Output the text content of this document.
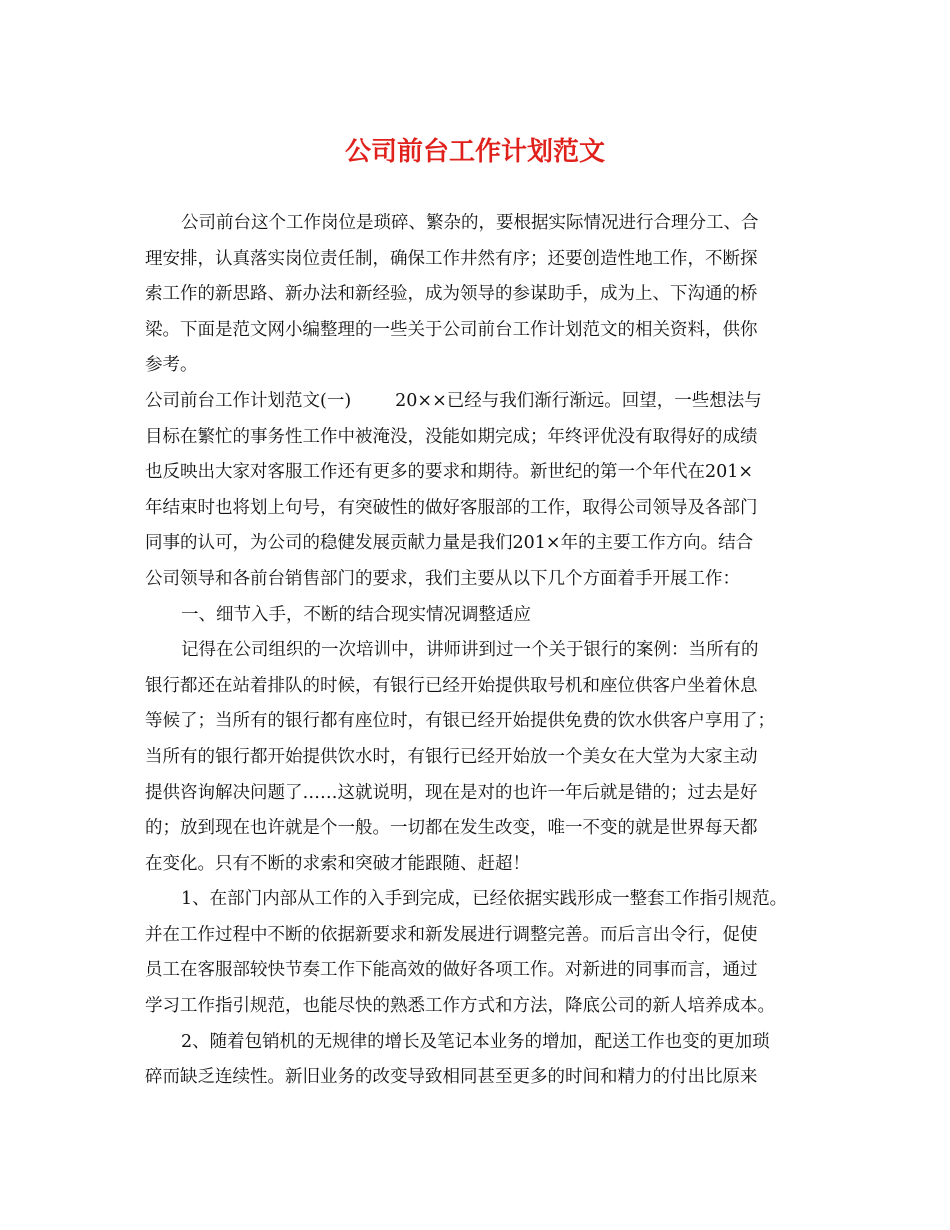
公司前台工作计划范文
公司前台这个工作岗位是琐碎、繁杂的，要根据实际情况进行合理分工、合
理安排，认真落实岗位责任制，确保工作井然有序；还要创造性地工作，不断探
索工作的新思路、新办法和新经验，成为领导的参谋助手，成为上、下沟通的桥
梁。下面是范文网小编整理的一些关于公司前台工作计划范文的相关资料，供你
参考。
公司前台工作计划范文(一)	20××已经与我们渐行渐远。回望，一些想法与
目标在繁忙的事务性工作中被淹没，没能如期完成；年终评优没有取得好的成绩
也反映出大家对客服工作还有更多的要求和期待。新世纪的第一个年代在201×
年结束时也将划上句号，有突破性的做好客服部的工作，取得公司领导及各部门
同事的认可，为公司的稳健发展贡献力量是我们201×年的主要工作方向。结合
公司领导和各前台销售部门的要求，我们主要从以下几个方面着手开展工作：
一、细节入手，不断的结合现实情况调整适应
记得在公司组织的一次培训中，讲师讲到过一个关于银行的案例：当所有的
银行都还在站着排队的时候，有银行已经开始提供取号机和座位供客户坐着休息
等候了；当所有的银行都有座位时，有银已经开始提供免费的饮水供客户享用了；
当所有的银行都开始提供饮水时，有银行已经开始放一个美女在大堂为大家主动
提供咨询解决问题了……这就说明，现在是对的也许一年后就是错的；过去是好
的；放到现在也许就是个一般。一切都在发生改变，唯一不变的就是世界每天都
在变化。只有不断的求索和突破才能跟随、赶超！
1、在部门内部从工作的入手到完成，已经依据实践形成一整套工作指引规范。
并在工作过程中不断的依据新要求和新发展进行调整完善。而后言出令行，促使
员工在客服部较快节奏工作下能高效的做好各项工作。对新进的同事而言，通过
学习工作指引规范，也能尽快的熟悉工作方式和方法，降底公司的新人培养成本。
2、随着包销机的无规律的增长及笔记本业务的增加，配送工作也变的更加琐
碎而缺乏连续性。新旧业务的改变导致相同甚至更多的时间和精力的付出比原来
